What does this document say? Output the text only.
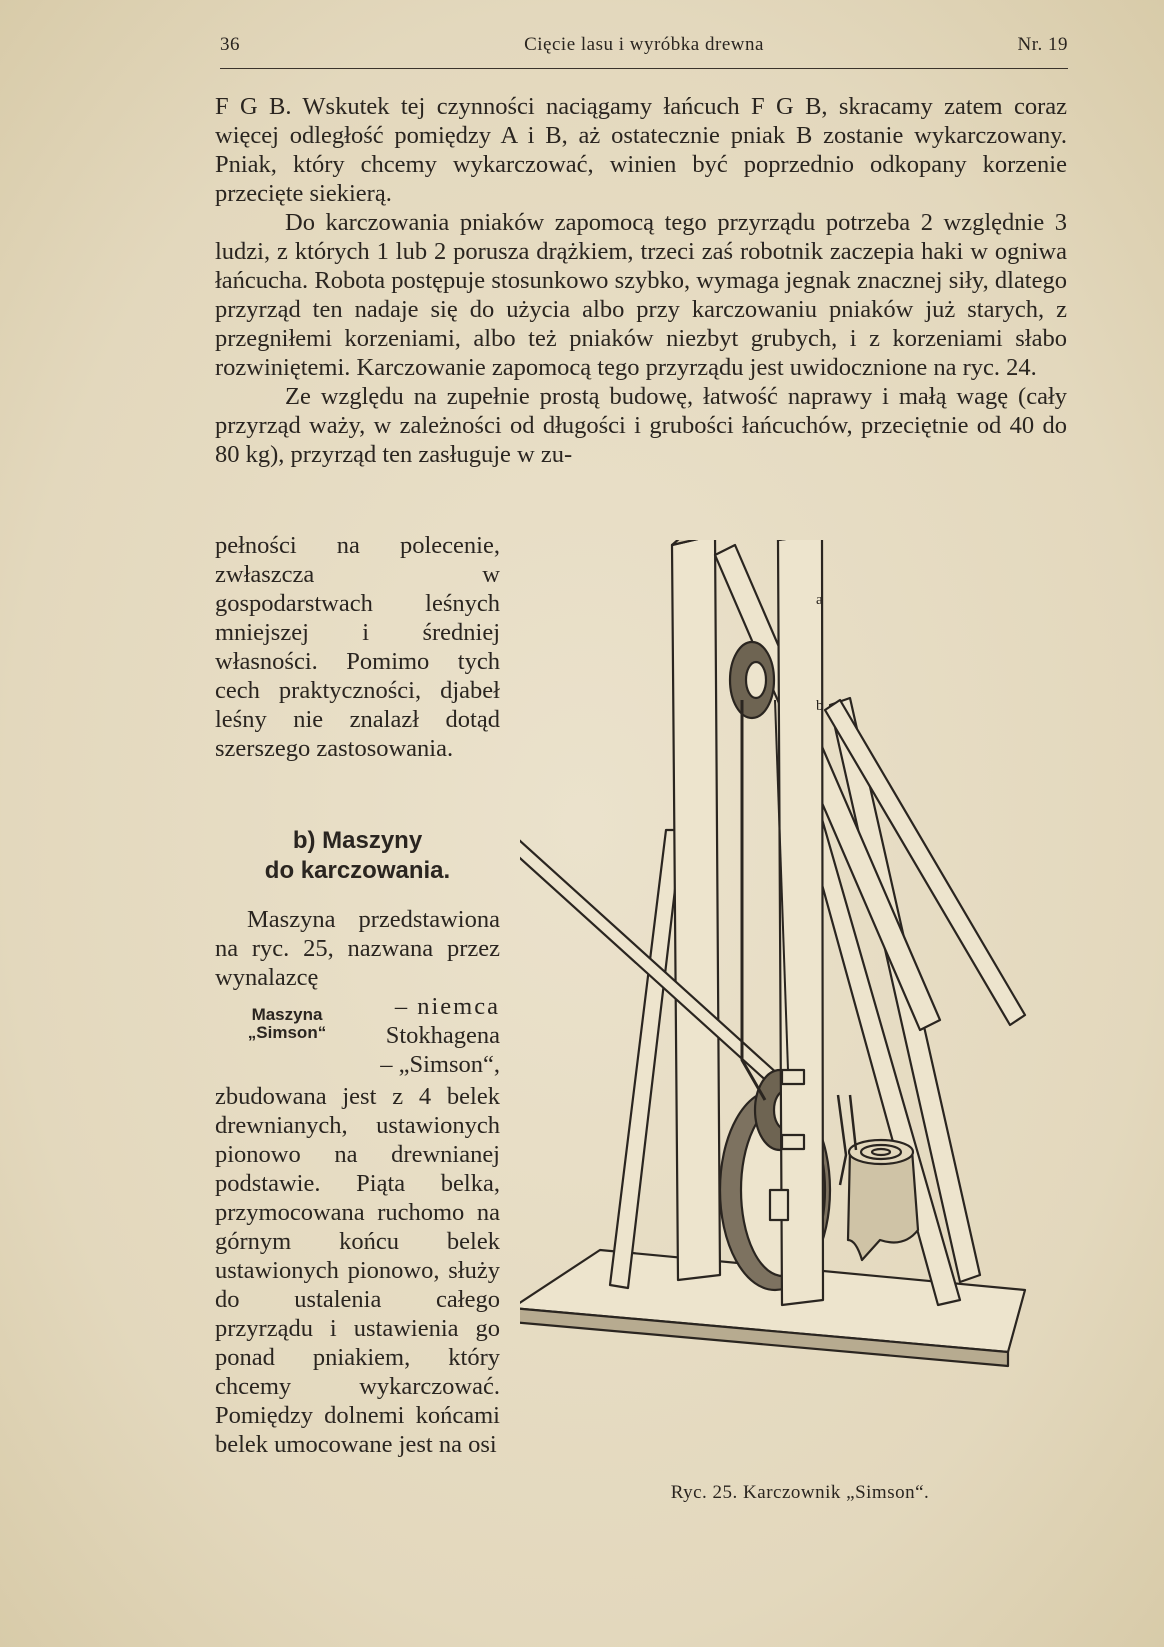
36	Cięcie lasu i wyróbka drewna	Nr. 19

F G B. Wskutek tej czynności naciągamy łańcuch F G B, skracamy zatem coraz więcej odległość pomiędzy A i B, aż ostatecznie pniak B zostanie wykarczowany. Pniak, który chcemy wykarczować, winien być poprzednio odkopany korzenie przecięte siekierą.

Do karczowania pniaków zapomocą tego przyrządu potrzeba 2 względnie 3 ludzi, z których 1 lub 2 porusza drążkiem, trzeci zaś robotnik zaczepia haki w ogniwa łańcucha. Robota postępuje stosunkowo szybko, wymaga jegnak znacznej siły, dlatego przyrząd ten nadaje się do użycia albo przy karczowaniu pniaków już starych, z przegniłemi korzeniami, albo też pniaków niezbyt grubych, i z korzeniami słabo rozwiniętemi. Karczowanie zapomocą tego przyrządu jest uwidocznione na ryc. 24.

Ze względu na zupełnie prostą budowę, łatwość naprawy i małą wagę (cały przyrząd waży, w zależności od długości i grubości łańcuchów, przeciętnie od 40 do 80 kg), przyrząd ten zasługuje w zu-

pełności na polecenie, zwłaszcza w gospodarstwach leśnych mniejszej i średniej własności. Pomimo tych cech praktyczności, djabeł leśny nie znalazł dotąd szerszego zastosowania.

b) Maszyny
do karczowania.
Maszyna przedstawiona na ryc. 25, nazwana przez wynalazcę
Maszyna
„Simson“
– niemca
Stokhagena
– „Simson“,
zbudowana jest z 4 belek drewnianych, ustawionych pionowo na drewnianej podstawie. Piąta belka, przymocowana ruchomo na górnym końcu belek ustawionych pionowo, służy do ustalenia całego przyrządu i ustawienia go ponad pniakiem, który chcemy wykarczować. Pomiędzy dolnemi końcami belek umocowane jest na osi
a
b
Ryc. 25. Karczownik „Simson“.
